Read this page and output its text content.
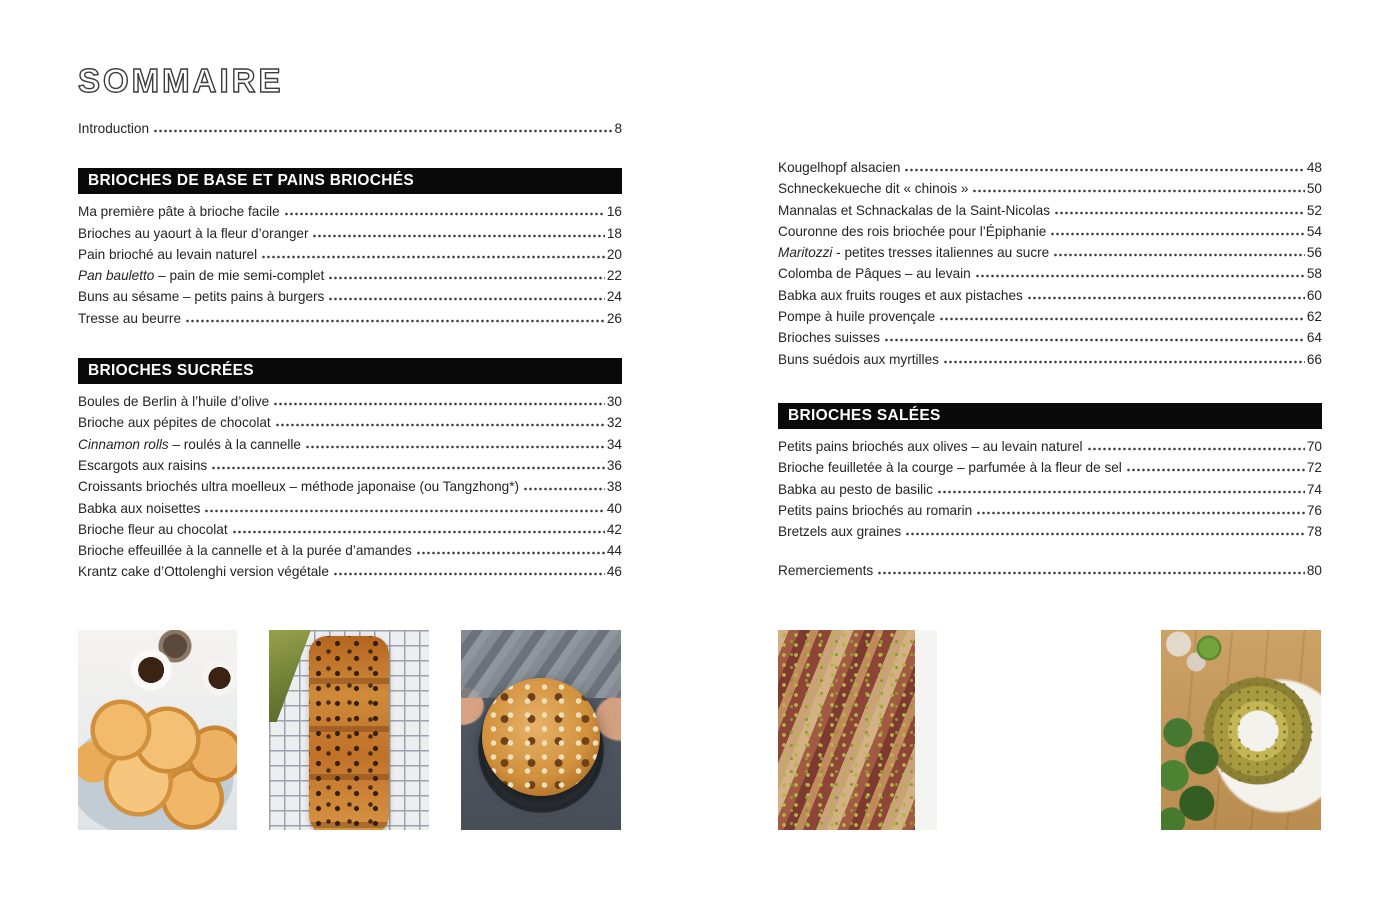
SOMMAIRE
Introduction	8
BRIOCHES DE BASE ET PAINS BRIOCHÉS
Ma première pâte à brioche facile	16
Brioches au yaourt à la fleur d’oranger	18
Pain brioché au levain naturel	20
Pan bauletto – pain de mie semi-complet	22
Buns au sésame – petits pains à burgers	24
Tresse au beurre	26
BRIOCHES SUCRÉES
Boules de Berlin à l’huile d’olive	30
Brioche aux pépites de chocolat	32
Cinnamon rolls – roulés à la cannelle	34
Escargots aux raisins	36
Croissants briochés ultra moelleux – méthode japonaise (ou Tangzhong*)	38
Babka aux noisettes	40
Brioche fleur au chocolat	42
Brioche effeuillée à la cannelle et à la purée d’amandes	44
Krantz cake d’Ottolenghi version végétale	46
Kougelhopf alsacien	48
Schneckekueche dit « chinois »	50
Mannalas et Schnackalas de la Saint-Nicolas	52
Couronne des rois briochée pour l’Épiphanie	54
Maritozzi - petites tresses italiennes au sucre	56
Colomba de Pâques – au levain	58
Babka aux fruits rouges et aux pistaches	60
Pompe à huile provençale	62
Brioches suisses	64
Buns suédois aux myrtilles	66
BRIOCHES SALÉES
Petits pains briochés aux olives – au levain naturel	70
Brioche feuilletée à la courge – parfumée à la fleur de sel	72
Babka au pesto de basilic	74
Petits pains briochés au romarin	76
Bretzels aux graines	78
Remerciements	80
